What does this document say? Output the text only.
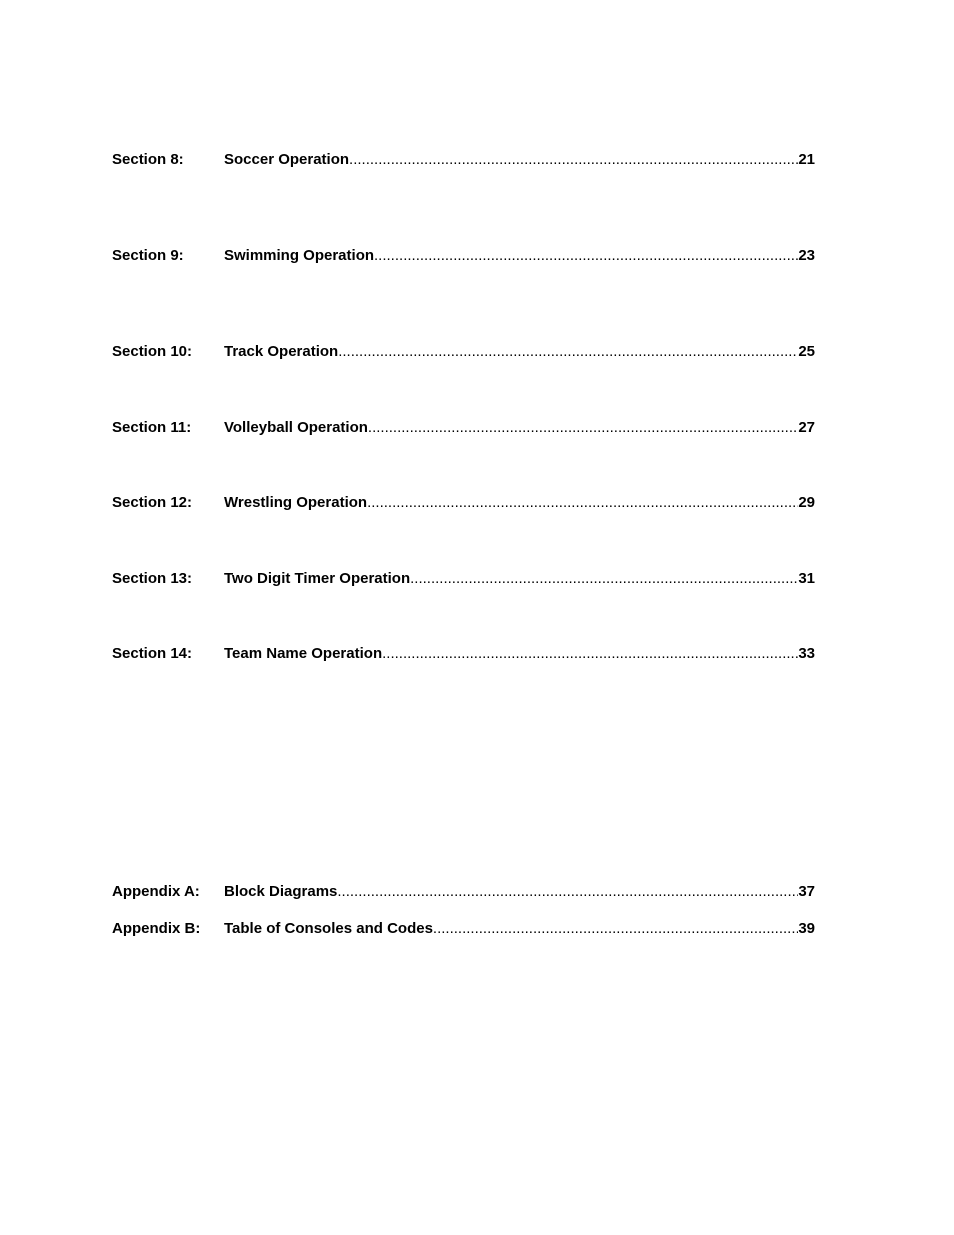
Section 8:	Soccer Operation .....	21
Section 9:	Swimming Operation .....	23
Section 10: Track Operation .....	25
Section 11: Volleyball Operation .....	27
Section 12: Wrestling Operation .....	29
Section 13: Two Digit Timer Operation .....	31
Section 14: Team Name Operation .....	33
Appendix A: Block Diagrams .....	37
Appendix B: Table of Consoles and Codes .....	39
